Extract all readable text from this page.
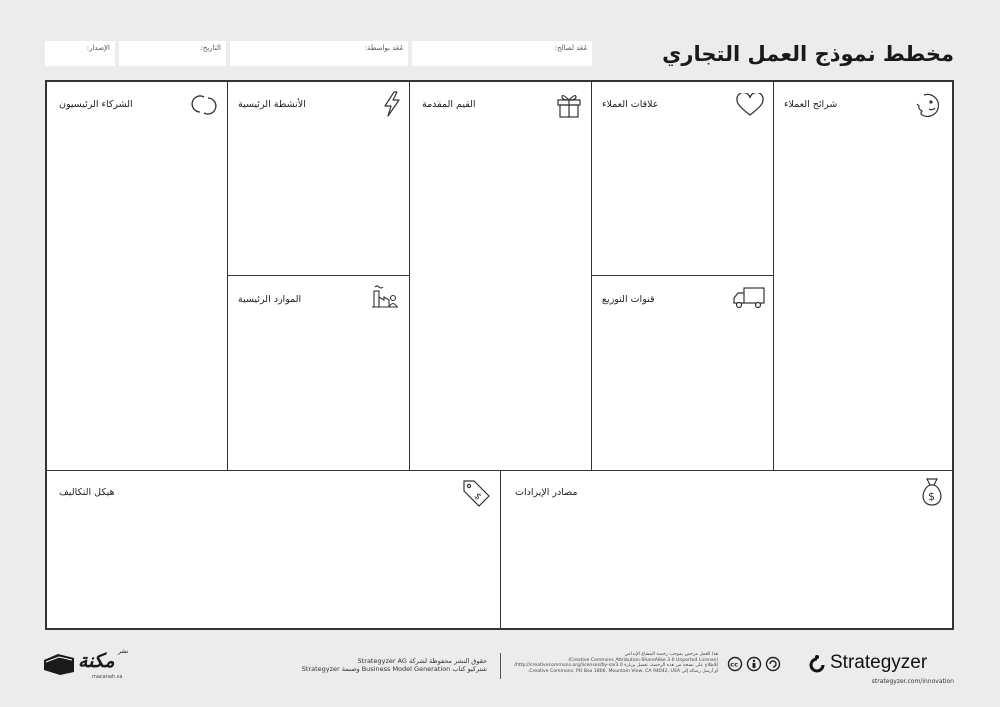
الإصدار:	التاريخ:	مُعَد بواسطة:	مُعَد لصالح:	مخطط نموذج العمل التجاري
الشركاء الرئيسيون	الأنشطة الرئيسية
الموارد الرئيسية
القيم المقدمة	علاقات العملاء
قنوات التوزيع
شرائح العملاء
هيكل التكاليف	$	مصادر الإيرادات	$
مكنة نشر
macanah.sa
حقوق النشر محفوظة لشركة Strategyzer AG
شتركيو كتاب Business Model Generation وصنمة Strategyzer
هذا العمل مرخص بموجب رخصة المشاع الإبداعي
(Creative Commons Attribution-ShareAlike 3.0 Unported License)
للاطلاع على نسخة من هذه الرخصة، تفضل بزيارة http://creativecommons.org/licenses/by-sa/3.0/
أو أرسل رسالة إلى Creative Commons, PO Box 1866, Mountain View, CA 94042, USA.
cc	Strategyzer
strategyzer.com/innovation
